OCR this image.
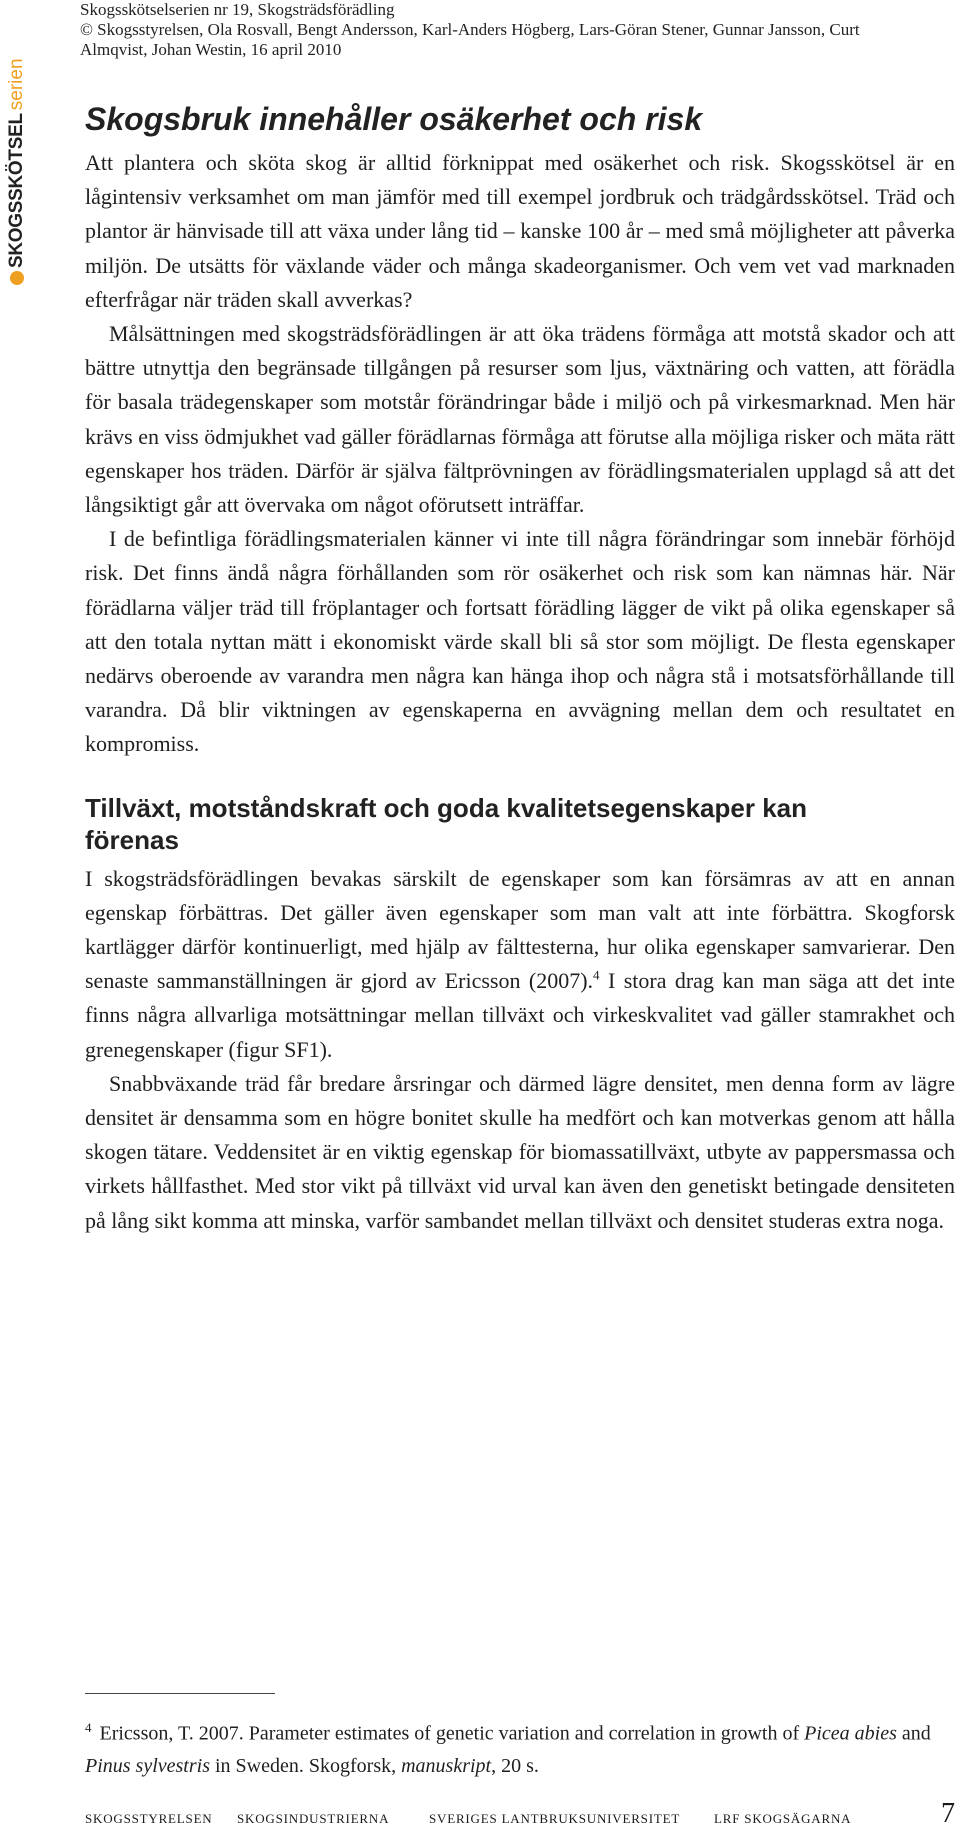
SKOGSSKÖTSEL
serien
Skogsskötselserien nr 19, Skogsträdsförädling
© Skogsstyrelsen, Ola Rosvall, Bengt Andersson, Karl-Anders Högberg, Lars-Göran Stener, Gunnar Jansson, Curt Almqvist, Johan Westin, 16 april 2010
Skogsbruk innehåller osäkerhet och risk

Att plantera och sköta skog är alltid förknippat med osäkerhet och risk. Skogsskötsel är en lågintensiv verksamhet om man jämför med till exempel jordbruk och trädgårdsskötsel. Träd och plantor är hänvisade till att växa under lång tid – kanske 100 år – med små möjligheter att påverka miljön. De utsätts för växlande väder och många skadeorganismer. Och vem vet vad marknaden efterfrågar när träden skall avverkas?

Målsättningen med skogsträdsförädlingen är att öka trädens förmåga att motstå skador och att bättre utnyttja den begränsade tillgången på resurser som ljus, växtnäring och vatten, att förädla för basala trädegenskaper som motstår förändringar både i miljö och på virkesmarknad. Men här krävs en viss ödmjukhet vad gäller förädlarnas förmåga att förutse alla möjliga risker och mäta rätt egenskaper hos träden. Därför är själva fältprövningen av förädlingsmaterialen upplagd så att det långsiktigt går att övervaka om något oförutsett inträffar.

I de befintliga förädlingsmaterialen känner vi inte till några förändringar som innebär förhöjd risk. Det finns ändå några förhållanden som rör osäkerhet och risk som kan nämnas här. När förädlarna väljer träd till fröplantager och fortsatt förädling lägger de vikt på olika egenskaper så att den totala nyttan mätt i ekonomiskt värde skall bli så stor som möjligt. De flesta egenskaper nedärvs oberoende av varandra men några kan hänga ihop och några stå i motsatsförhållande till varandra. Då blir viktningen av egenskaperna en avvägning mellan dem och resultatet en kompromiss.

Tillväxt, motståndskraft och goda kvalitetsegenskaper kan förenas

I skogsträdsförädlingen bevakas särskilt de egenskaper som kan försämras av att en annan egenskap förbättras. Det gäller även egenskaper som man valt att inte förbättra. Skogforsk kartlägger därför kontinuerligt, med hjälp av fälttesterna, hur olika egenskaper samvarierar. Den senaste sammanställningen är gjord av Ericsson (2007).$^4$ I stora drag kan man säga att det inte finns några allvarliga motsättningar mellan tillväxt och virkeskvalitet vad gäller stamrakhet och grenegenskaper (figur SF1).

Snabbväxande träd får bredare årsringar och därmed lägre densitet, men denna form av lägre densitet är densamma som en högre bonitet skulle ha medfört och kan motverkas genom att hålla skogen tätare. Veddensitet är en viktig egenskap för biomassatillväxt, utbyte av pappersmassa och virkets hållfasthet. Med stor vikt på tillväxt vid urval kan även den genetiskt betingade densiteten på lång sikt komma att minska, varför sambandet mellan tillväxt och densitet studeras extra noga.

$^4$ Ericsson, T. 2007. Parameter estimates of genetic variation and correlation in growth of Picea abies and Pinus sylvestris in Sweden. Skogforsk, manuskript, 20 s.
SKOGSSTYRELSEN SKOGSINDUSTRIERNA	SVERIGES LANTBRUKSUNIVERSITET	LRF SKOGSÄGARNA	7
